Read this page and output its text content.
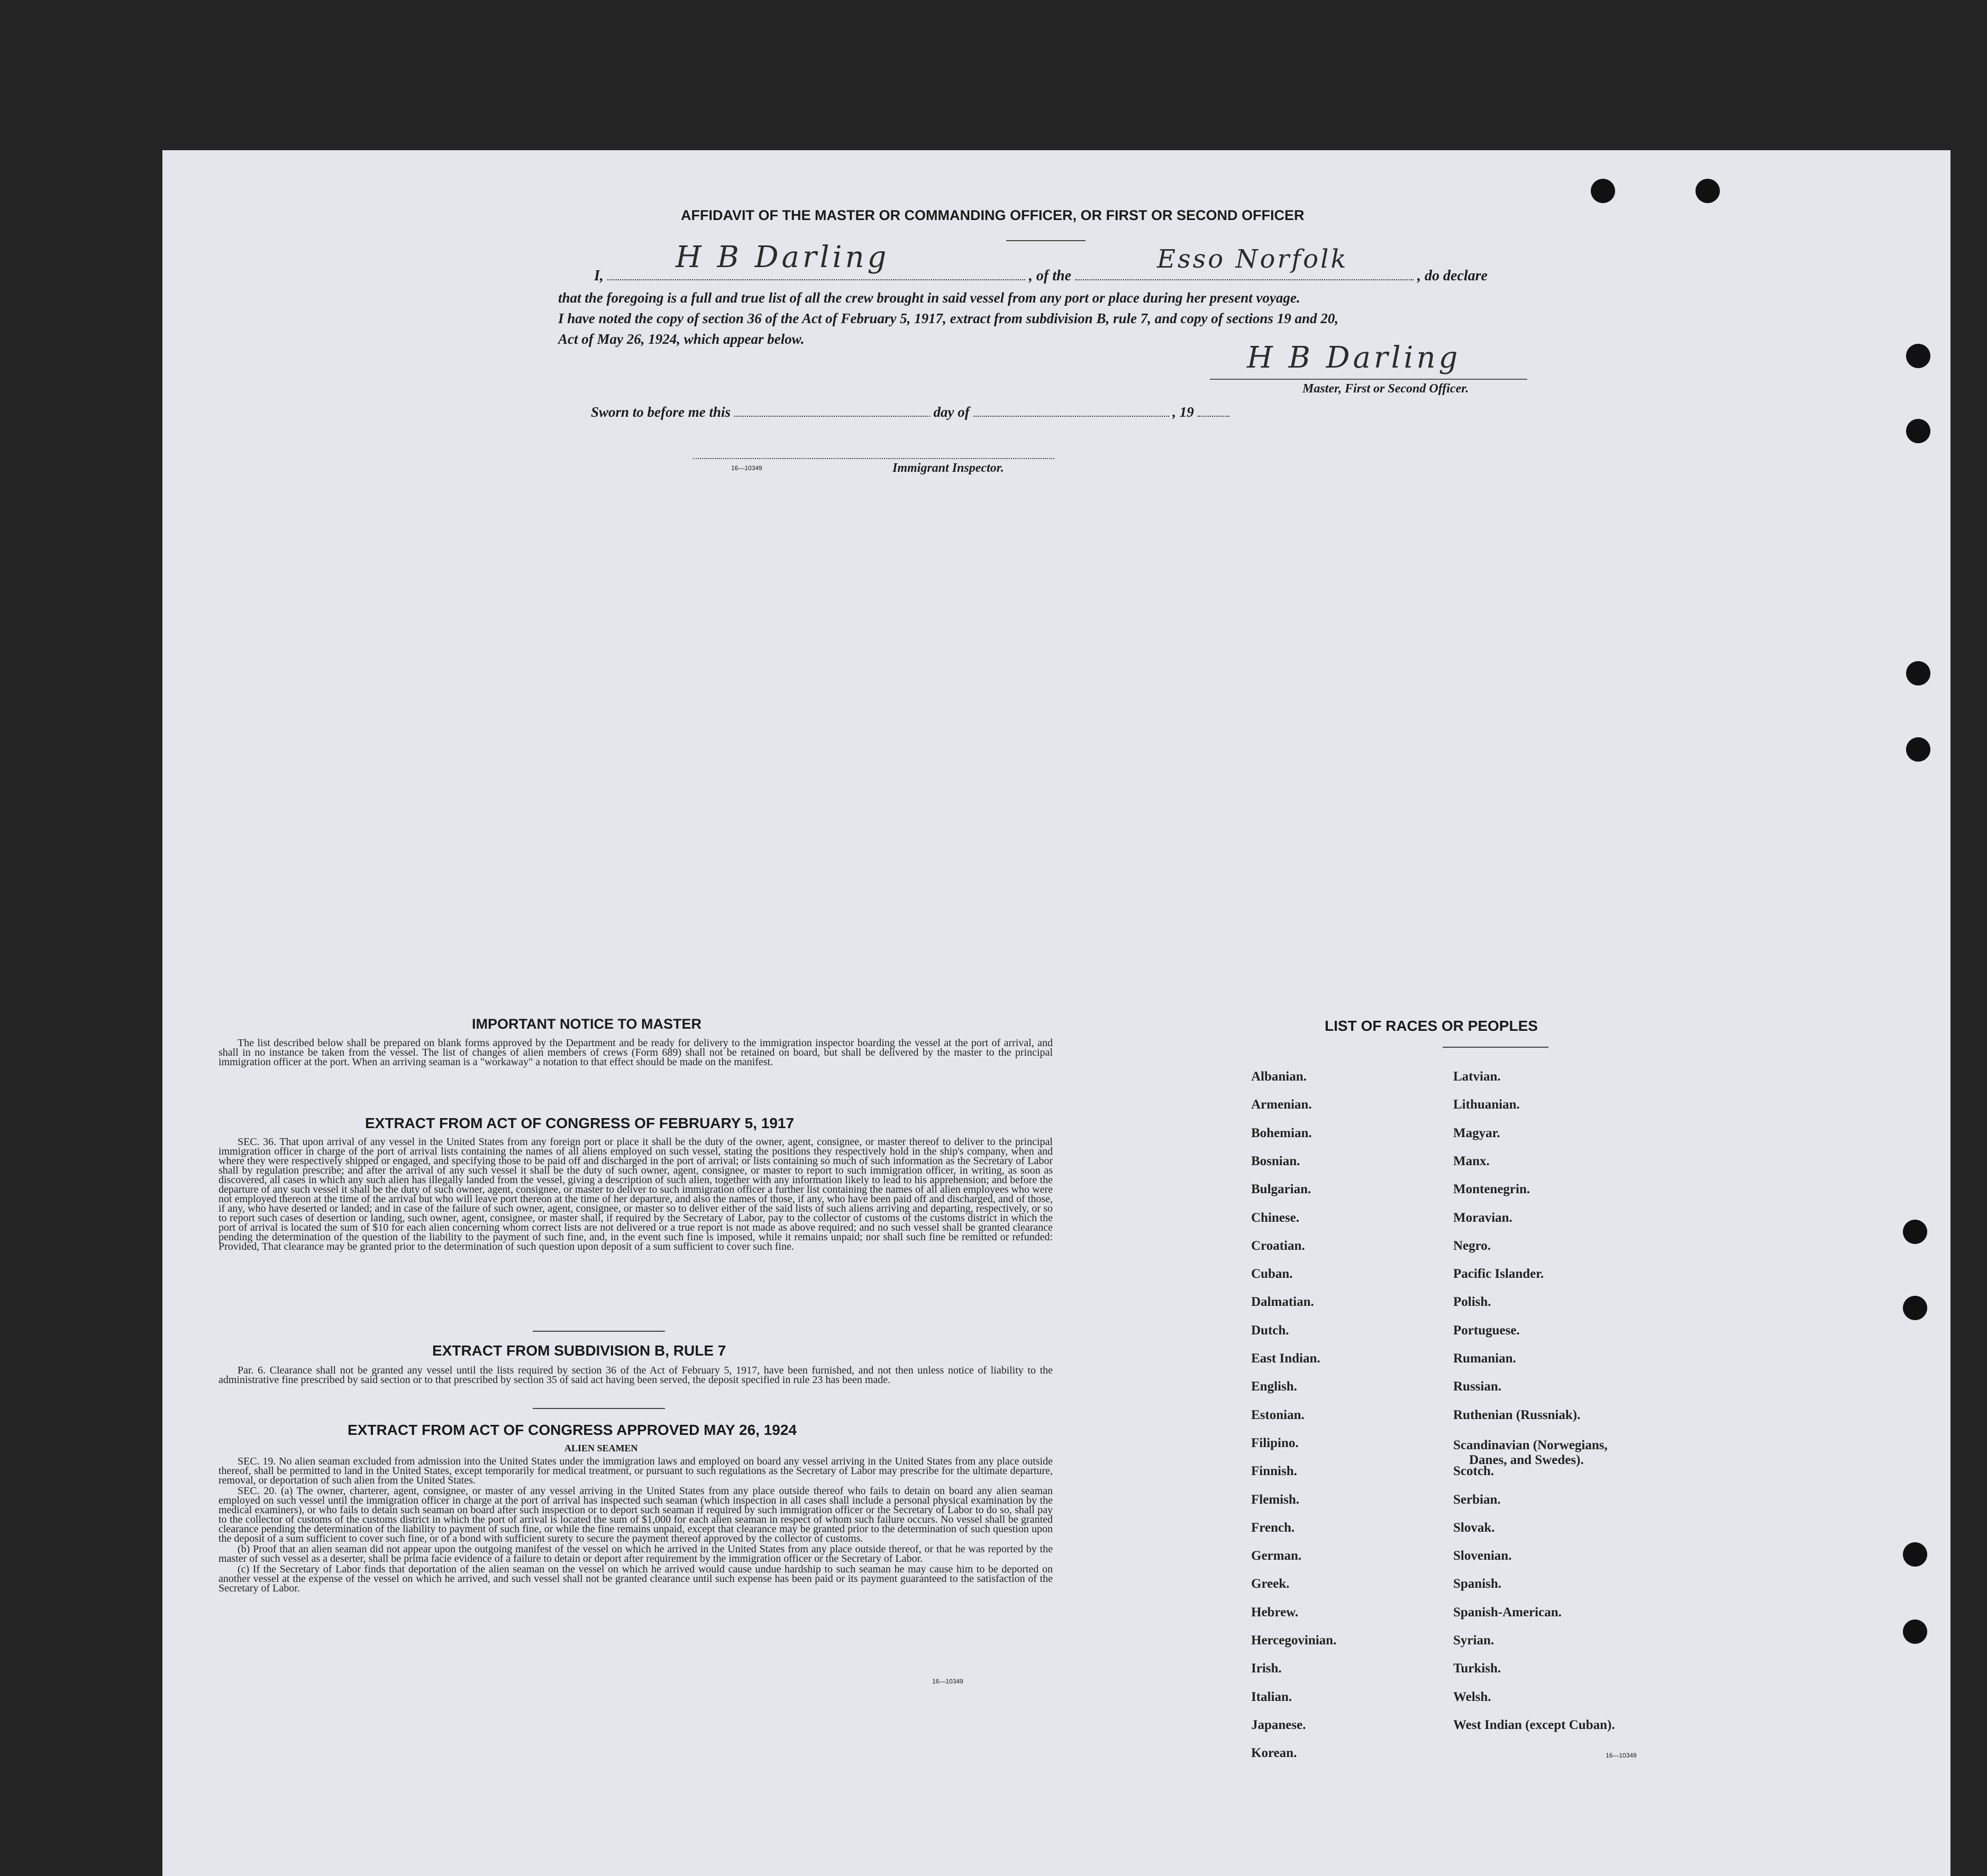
AFFIDAVIT OF THE MASTER OR COMMANDING OFFICER, OR FIRST OR SECOND OFFICER
I,	, of the	, do declare
H B Darling	Esso Norfolk
that the foregoing is a full and true list of all the crew brought in said vessel from any port or place during her present voyage.
I have noted the copy of section 36 of the Act of February 5, 1917, extract from subdivision B, rule 7, and copy of sections 19 and 20,
Act of May 26, 1924, which appear below.
H B Darling
Master, First or Second Officer.
Sworn to before me this	day of	, 19
16—10349	Immigrant Inspector.
IMPORTANT NOTICE TO MASTER

The list described below shall be prepared on blank forms approved by the Department and be ready for delivery to the immigration inspector boarding the vessel at the port of arrival, and shall in no instance be taken from the vessel. The list of changes of alien members of crews (Form 689) shall not be retained on board, but shall be delivered by the master to the principal immigration officer at the port. When an arriving seaman is a "workaway" a notation to that effect should be made on the manifest.

EXTRACT FROM ACT OF CONGRESS OF FEBRUARY 5, 1917

SEC. 36. That upon arrival of any vessel in the United States from any foreign port or place it shall be the duty of the owner, agent, consignee, or master thereof to deliver to the principal immigration officer in charge of the port of arrival lists containing the names of all aliens employed on such vessel, stating the positions they respectively hold in the ship's company, when and where they were respectively shipped or engaged, and specifying those to be paid off and discharged in the port of arrival; or lists containing so much of such information as the Secretary of Labor shall by regulation prescribe; and after the arrival of any such vessel it shall be the duty of such owner, agent, consignee, or master to report to such immigration officer, in writing, as soon as discovered, all cases in which any such alien has illegally landed from the vessel, giving a description of such alien, together with any information likely to lead to his apprehension; and before the departure of any such vessel it shall be the duty of such owner, agent, consignee, or master to deliver to such immigration officer a further list containing the names of all alien employees who were not employed thereon at the time of the arrival but who will leave port thereon at the time of her departure, and also the names of those, if any, who have been paid off and discharged, and of those, if any, who have deserted or landed; and in case of the failure of such owner, agent, consignee, or master so to deliver either of the said lists of such aliens arriving and departing, respectively, or so to report such cases of desertion or landing, such owner, agent, consignee, or master shall, if required by the Secretary of Labor, pay to the collector of customs of the customs district in which the port of arrival is located the sum of $10 for each alien concerning whom correct lists are not delivered or a true report is not made as above required; and no such vessel shall be granted clearance pending the determination of the question of the liability to the payment of such fine, and, in the event such fine is imposed, while it remains unpaid; nor shall such fine be remitted or refunded: Provided, That clearance may be granted prior to the determination of such question upon deposit of a sum sufficient to cover such fine.

EXTRACT FROM SUBDIVISION B, RULE 7

Par. 6. Clearance shall not be granted any vessel until the lists required by section 36 of the Act of February 5, 1917, have been furnished, and not then unless notice of liability to the administrative fine prescribed by said section or to that prescribed by section 35 of said act having been served, the deposit specified in rule 23 has been made.

EXTRACT FROM ACT OF CONGRESS APPROVED MAY 26, 1924
ALIEN SEAMEN

SEC. 19. No alien seaman excluded from admission into the United States under the immigration laws and employed on board any vessel arriving in the United States from any place outside thereof, shall be permitted to land in the United States, except temporarily for medical treatment, or pursuant to such regulations as the Secretary of Labor may prescribe for the ultimate departure, removal, or deportation of such alien from the United States.

SEC. 20. (a) The owner, charterer, agent, consignee, or master of any vessel arriving in the United States from any place outside thereof who fails to detain on board any alien seaman employed on such vessel until the immigration officer in charge at the port of arrival has inspected such seaman (which inspection in all cases shall include a personal physical examination by the medical examiners), or who fails to detain such seaman on board after such inspection or to deport such seaman if required by such immigration officer or the Secretary of Labor to do so, shall pay to the collector of customs of the customs district in which the port of arrival is located the sum of $1,000 for each alien seaman in respect of whom such failure occurs. No vessel shall be granted clearance pending the determination of the liability to payment of such fine, or while the fine remains unpaid, except that clearance may be granted prior to the determination of such question upon the deposit of a sum sufficient to cover such fine, or of a bond with sufficient surety to secure the payment thereof approved by the collector of customs.

(b) Proof that an alien seaman did not appear upon the outgoing manifest of the vessel on which he arrived in the United States from any place outside thereof, or that he was reported by the master of such vessel as a deserter, shall be prima facie evidence of a failure to detain or deport after requirement by the immigration officer or the Secretary of Labor.

(c) If the Secretary of Labor finds that deportation of the alien seaman on the vessel on which he arrived would cause undue hardship to such seaman he may cause him to be deported on another vessel at the expense of the vessel on which he arrived, and such vessel shall not be granted clearance until such expense has been paid or its payment guaranteed to the satisfaction of the Secretary of Labor.

16—10349
LIST OF RACES OR PEOPLES
16—10349
Albanian.
Armenian.
Bohemian.
Bosnian.
Bulgarian.
Chinese.
Croatian.
Cuban.
Dalmatian.
Dutch.
East Indian.
English.
Estonian.
Filipino.
Finnish.
Flemish.
French.
German.
Greek.
Hebrew.
Hercegovinian.
Irish.
Italian.
Japanese.
Korean.
Latvian.
Lithuanian.
Magyar.
Manx.
Montenegrin.
Moravian.
Negro.
Pacific Islander.
Polish.
Portuguese.
Rumanian.
Russian.
Ruthenian (Russniak).
Scandinavian (Norwegians,
Danes, and Swedes).
Scotch.
Serbian.
Slovak.
Slovenian.
Spanish.
Spanish-American.
Syrian.
Turkish.
Welsh.
West Indian (except Cuban).
